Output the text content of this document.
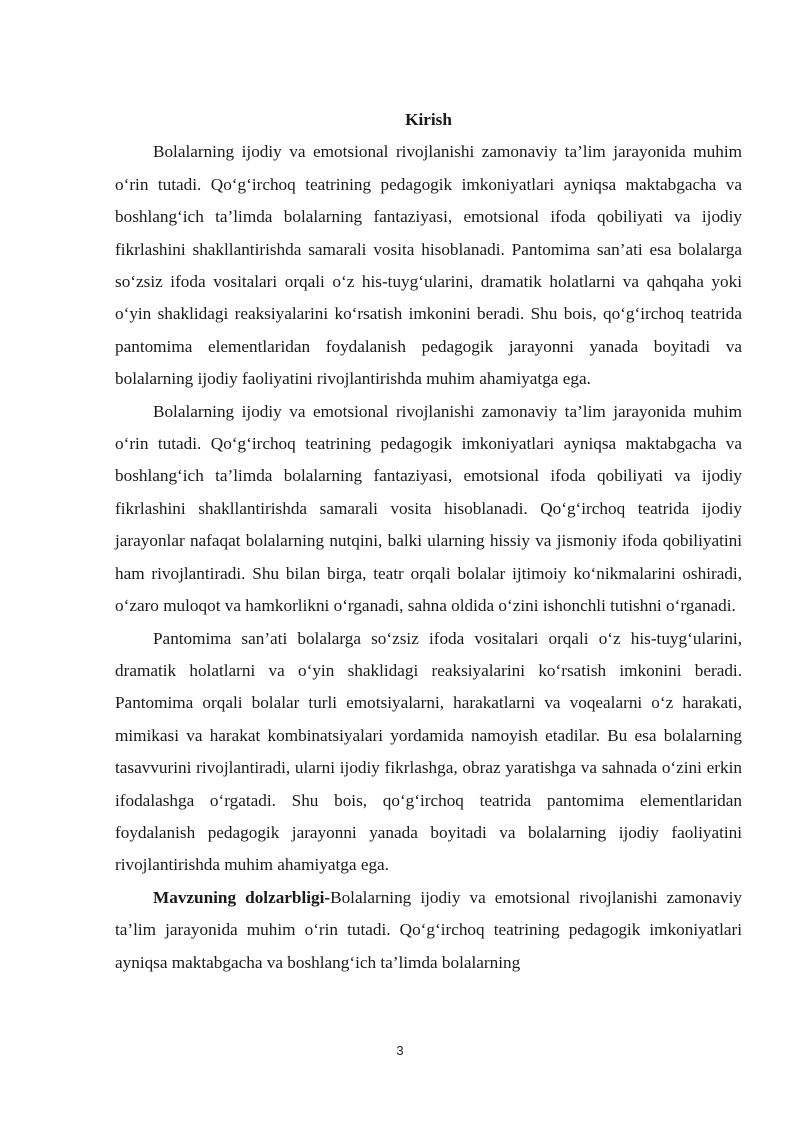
Kirish

Bolalarning ijodiy va emotsional rivojlanishi zamonaviy ta’lim jarayonida muhim o‘rin tutadi. Qo‘g‘irchoq teatrining pedagogik imkoniyatlari ayniqsa maktabgacha va boshlang‘ich ta’limda bolalarning fantaziyasi, emotsional ifoda qobiliyati va ijodiy fikrlashini shakllantirishda samarali vosita hisoblanadi. Pantomima san’ati esa bolalarga so‘zsiz ifoda vositalari orqali o‘z his-tuyg‘ularini, dramatik holatlarni va qahqaha yoki o‘yin shaklidagi reaksiyalarini ko‘rsatish imkonini beradi. Shu bois, qo‘g‘irchoq teatrida pantomima elementlaridan foydalanish pedagogik jarayonni yanada boyitadi va bolalarning ijodiy faoliyatini rivojlantirishda muhim ahamiyatga ega.

Bolalarning ijodiy va emotsional rivojlanishi zamonaviy ta’lim jarayonida muhim o‘rin tutadi. Qo‘g‘irchoq teatrining pedagogik imkoniyatlari ayniqsa maktabgacha va boshlang‘ich ta’limda bolalarning fantaziyasi, emotsional ifoda qobiliyati va ijodiy fikrlashini shakllantirishda samarali vosita hisoblanadi. Qo‘g‘irchoq teatrida ijodiy jarayonlar nafaqat bolalarning nutqini, balki ularning hissiy va jismoniy ifoda qobiliyatini ham rivojlantiradi. Shu bilan birga, teatr orqali bolalar ijtimoiy ko‘nikmalarini oshiradi, o‘zaro muloqot va hamkorlikni o‘rganadi, sahna oldida o‘zini ishonchli tutishni o‘rganadi.

Pantomima san’ati bolalarga so‘zsiz ifoda vositalari orqali o‘z his-tuyg‘ularini, dramatik holatlarni va o‘yin shaklidagi reaksiyalarini ko‘rsatish imkonini beradi. Pantomima orqali bolalar turli emotsiyalarni, harakatlarni va voqealarni o‘z harakati, mimikasi va harakat kombinatsiyalari yordamida namoyish etadilar. Bu esa bolalarning tasavvurini rivojlantiradi, ularni ijodiy fikrlashga, obraz yaratishga va sahnada o‘zini erkin ifodalashga o‘rgatadi. Shu bois, qo‘g‘irchoq teatrida pantomima elementlaridan foydalanish pedagogik jarayonni yanada boyitadi va bolalarning ijodiy faoliyatini rivojlantirishda muhim ahamiyatga ega.

Mavzuning dolzarbligi-Bolalarning ijodiy va emotsional rivojlanishi zamonaviy ta’lim jarayonida muhim o‘rin tutadi. Qo‘g‘irchoq teatrining pedagogik imkoniyatlari ayniqsa maktabgacha va boshlang‘ich ta’limda bolalarning

3
